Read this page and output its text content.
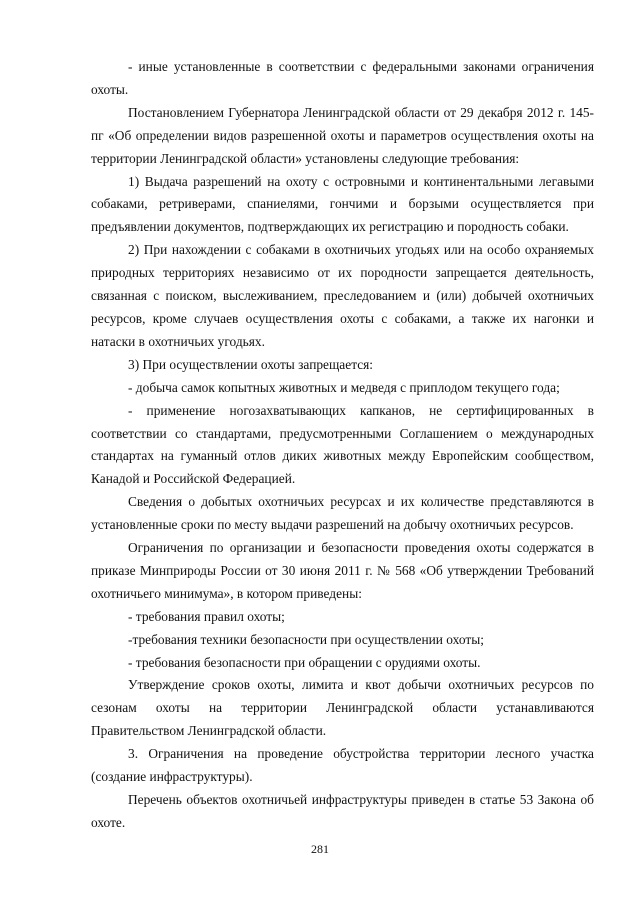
- иные установленные в соответствии с федеральными законами ограничения охоты.

Постановлением Губернатора Ленинградской области от 29 декабря 2012 г. 145-пг «Об определении видов разрешенной охоты и параметров осуществления охоты на территории Ленинградской области» установлены следующие требования:

1) Выдача разрешений на охоту с островными и континентальными легавыми собаками, ретриверами, спаниелями, гончими и борзыми осуществляется при предъявлении документов, подтверждающих их регистрацию и породность собаки.

2) При нахождении с собаками в охотничьих угодьях или на особо охраняемых природных территориях независимо от их породности запрещается деятельность, связанная с поиском, выслеживанием, преследованием и (или) добычей охотничьих ресурсов, кроме случаев осуществления охоты с собаками, а также их нагонки и натаски в охотничьих угодьях.

3) При осуществлении охоты запрещается:

- добыча самок копытных животных и медведя с приплодом текущего года;

- применение ногозахватывающих капканов, не сертифицированных в соответствии со стандартами, предусмотренными Соглашением о международных стандартах на гуманный отлов диких животных между Европейским сообществом, Канадой и Российской Федерацией.

Сведения о добытых охотничьих ресурсах и их количестве представляются в установленные сроки по месту выдачи разрешений на добычу охотничьих ресурсов.

Ограничения по организации и безопасности проведения охоты содержатся в приказе Минприроды России от 30 июня 2011 г. № 568 «Об утверждении Требований охотничьего минимума», в котором приведены:

- требования правил охоты;

-требования техники безопасности при осуществлении охоты;

- требования безопасности при обращении с орудиями охоты.

Утверждение сроков охоты, лимита и квот добычи охотничьих ресурсов по сезонам охоты на территории Ленинградской области устанавливаются Правительством Ленинградской области.

3. Ограничения на проведение обустройства территории лесного участка (создание инфраструктуры).

Перечень объектов охотничьей инфраструктуры приведен в статье 53 Закона об охоте.

281
